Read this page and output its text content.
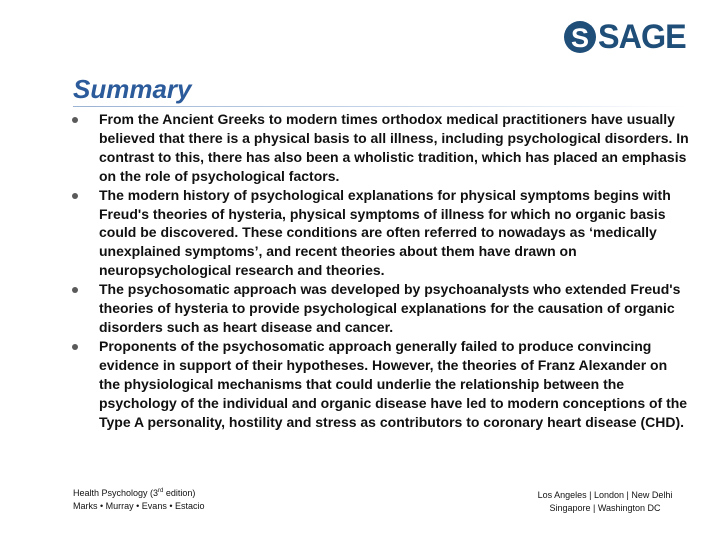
S SAGE
Summary
From the Ancient Greeks to modern times orthodox medical practitioners have usually believed that there is a physical basis to all illness, including psychological disorders. In contrast to this, there has also been a wholistic tradition, which has placed an emphasis on the role of psychological factors.
The modern history of psychological explanations for physical symptoms begins with Freud's theories of hysteria, physical symptoms of illness for which no organic basis could be discovered. These conditions are often referred to nowadays as ‘medically unexplained symptoms’, and recent theories about them have drawn on neuropsychological research and theories.
The psychosomatic approach was developed by psychoanalysts who extended Freud's theories of hysteria to provide psychological explanations for the causation of organic disorders such as heart disease and cancer.
Proponents of the psychosomatic approach generally failed to produce convincing evidence in support of their hypotheses. However, the theories of Franz Alexander on the physiological mechanisms that could underlie the relationship between the psychology of the individual and organic disease have led to modern conceptions of the Type A personality, hostility and stress as contributors to coronary heart disease (CHD).
Health Psychology (3rd edition)
Marks • Murray • Evans • Estacio
Los Angeles | London | New Delhi
Singapore | Washington DC
